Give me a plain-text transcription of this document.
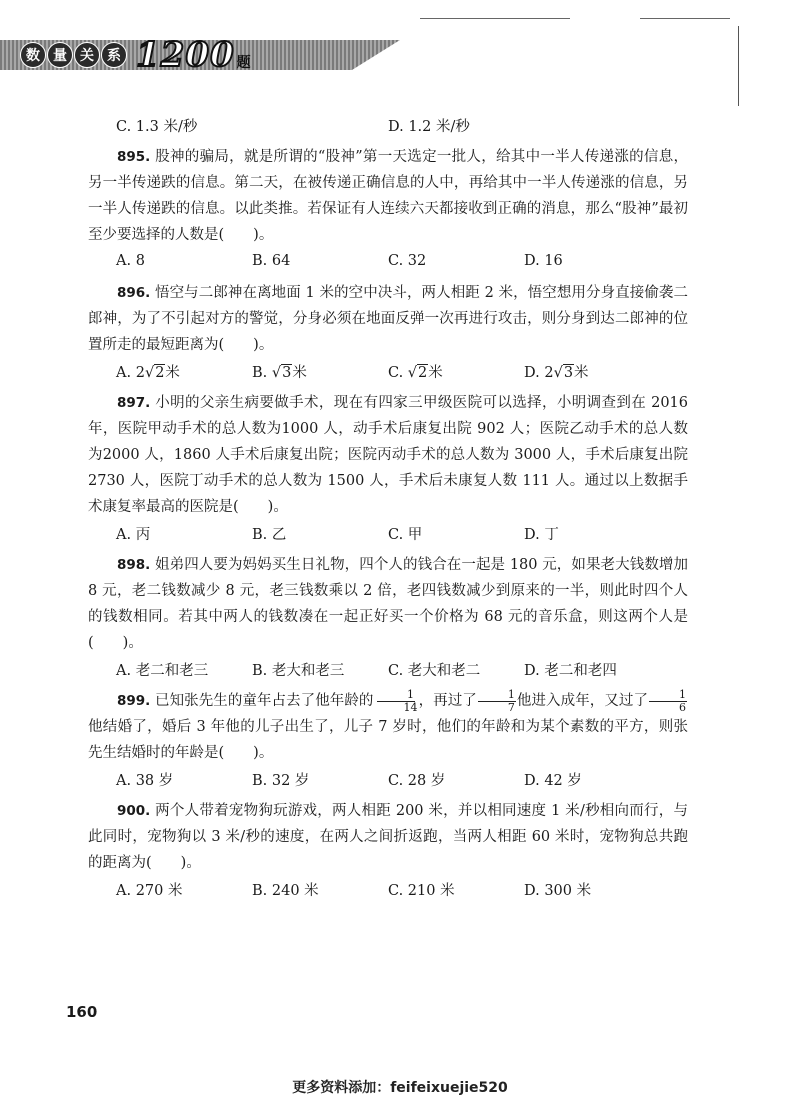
数 量 关 系 1200 题
C. 1.3 米/秒	D. 1.2 米/秒
895. 股神的骗局，就是所谓的“股神”第一天选定一批人，给其中一半人传递涨的信息，另一半传递跌的信息。第二天，在被传递正确信息的人中，再给其中一半人传递涨的信息，另一半人传递跌的信息。以此类推。若保证有人连续六天都接收到正确的消息，那么“股神”最初至少要选择的人数是(　　)。
A. 8	B. 64	C. 32	D. 16
896. 悟空与二郎神在离地面 1 米的空中决斗，两人相距 2 米，悟空想用分身直接偷袭二郎神，为了不引起对方的警觉，分身必须在地面反弹一次再进行攻击，则分身到达二郎神的位置所走的最短距离为(　　)。
A. 2√2米	B. √3米	C. √2米	D. 2√3米
897. 小明的父亲生病要做手术，现在有四家三甲级医院可以选择，小明调查到在 2016 年，医院甲动手术的总人数为1000 人，动手术后康复出院 902 人；医院乙动手术的总人数为2000 人，1860 人手术后康复出院；医院丙动手术的总人数为 3000 人，手术后康复出院 2730 人，医院丁动手术的总人数为 1500 人，手术后未康复人数 111 人。通过以上数据手术康复率最高的医院是(　　)。
A. 丙	B. 乙	C. 甲	D. 丁
898. 姐弟四人要为妈妈买生日礼物，四个人的钱合在一起是 180 元，如果老大钱数增加 8 元，老二钱数减少 8 元，老三钱数乘以 2 倍，老四钱数减少到原来的一半，则此时四个人的钱数相同。若其中两人的钱数凑在一起正好买一个价格为 68 元的音乐盒，则这两个人是(　　)。
A. 老二和老三	B. 老大和老三	C. 老大和老二	D. 老二和老四
899. 已知张先生的童年占去了他年龄的 $\frac{1}{14}$ ，再过了 $\frac{1}{7}$ 他进入成年，又过了 $\frac{1}{6}$
他结婚了，婚后 3 年他的儿子出生了，儿子 7 岁时，他们的年龄和为某个素数的平方，则张先生结婚时的年龄是(　　)。
A. 38 岁	B. 32 岁	C. 28 岁	D. 42 岁
900. 两个人带着宠物狗玩游戏，两人相距 200 米，并以相同速度 1 米/秒相向而行，与此同时，宠物狗以 3 米/秒的速度，在两人之间折返跑，当两人相距 60 米时，宠物狗总共跑的距离为(　　)。
A. 270 米	B. 240 米	C. 210 米	D. 300 米
160
更多资料添加：feifeixuejie520
